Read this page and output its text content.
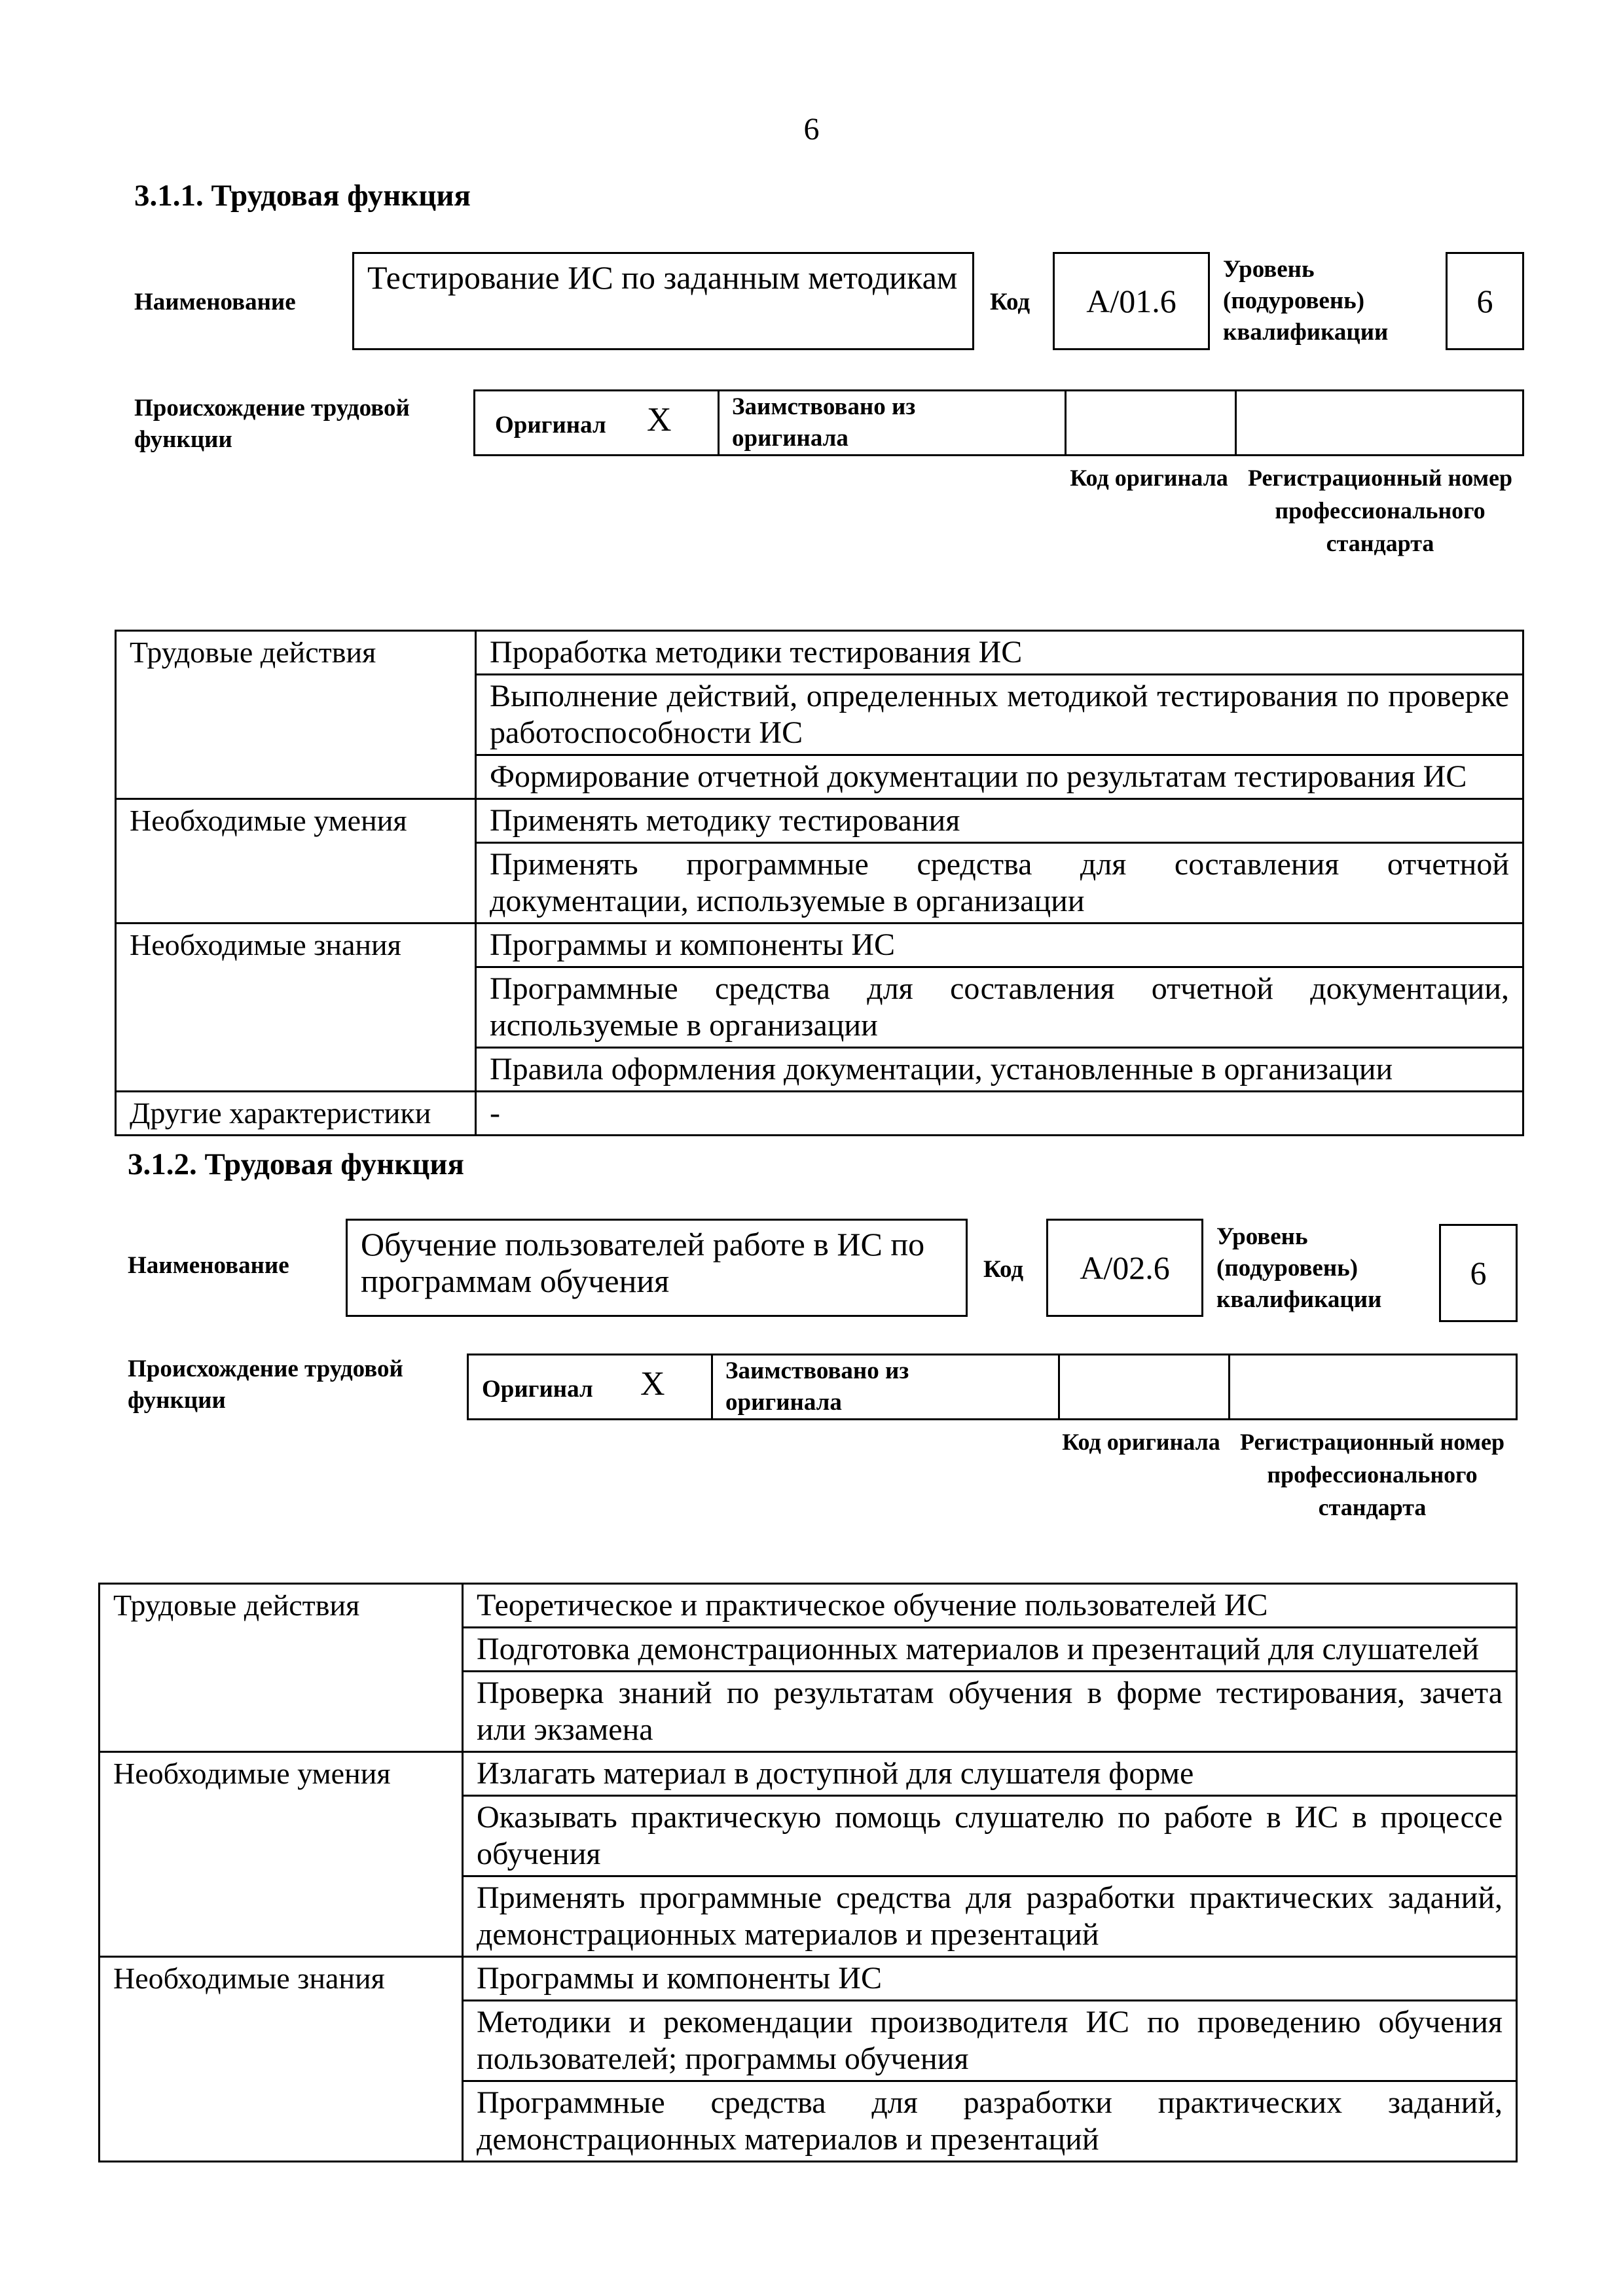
6
3.1.1. Трудовая функция
Наименование
Тестирование ИС по заданным методикам
Код А/01.6
Уровень (подуровень) квалификации
6
Происхождение трудовой функции
Оригинал X Заимствовано из оригинала
Код оригинала Регистрационный номер профессионального стандарта
Трудовые действия	Проработка методики тестирования ИС
	Выполнение действий, определенных методикой тестирования по проверке работоспособности ИС
	Формирование отчетной документации по результатам тестирования ИС
Необходимые умения	Применять методику тестирования
	Применять программные средства для составления отчетной документации, используемые в организации
Необходимые знания	Программы и компоненты ИС
	Программные средства для составления отчетной документации, используемые в организации
	Правила оформления документации, установленные в организации
Другие характеристики	-
3.1.2. Трудовая функция
Наименование
Обучение пользователей работе в ИС по программам обучения	Код А/02.6
Уровень (подуровень) квалификации
6
Происхождение трудовой функции	Оригинал X Заимствовано из оригинала
Код оригинала Регистрационный номер профессионального стандарта
Трудовые действия	Теоретическое и практическое обучение пользователей ИС
	Подготовка демонстрационных материалов и презентаций для слушателей
	Проверка знаний по результатам обучения в форме тестирования, зачета или экзамена
Необходимые умения	Излагать материал в доступной для слушателя форме
	Оказывать практическую помощь слушателю по работе в ИС в процессе обучения
	Применять программные средства для разработки практических заданий, демонстрационных материалов и презентаций
Необходимые знания	Программы и компоненты ИС
	Методики и рекомендации производителя ИС по проведению обучения пользователей; программы обучения
	Программные средства для разработки практических заданий, демонстрационных материалов и презентаций
